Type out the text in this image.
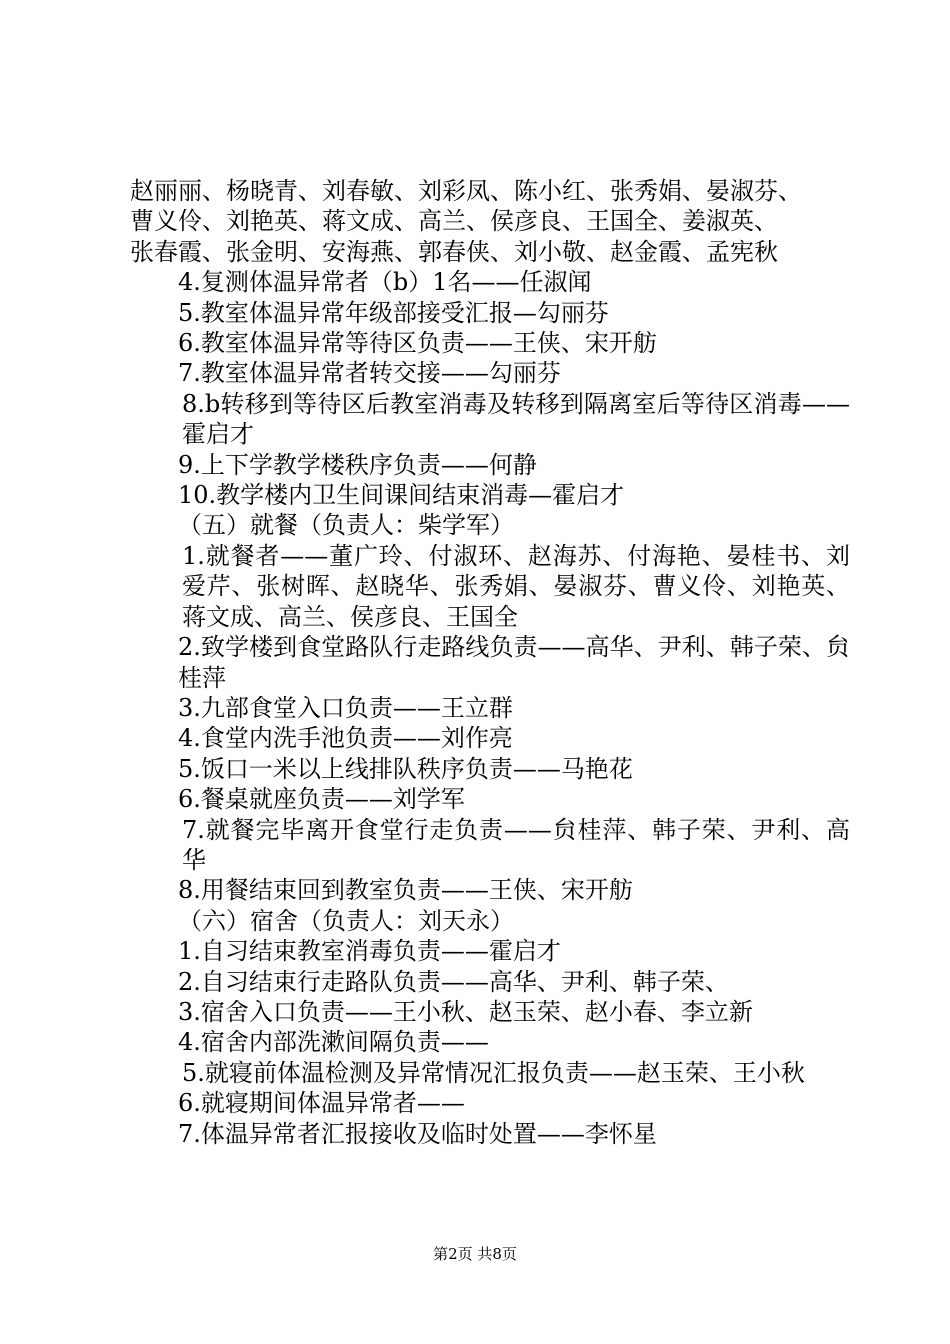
赵丽丽、杨晓青、刘春敏、刘彩凤、陈小红、张秀娟、晏淑芬、

曹义伶、刘艳英、蒋文成、高兰、侯彦良、王国全、姜淑英、

张春霞、张金明、安海燕、郭春侠、刘小敬、赵金霞、孟宪秋

4.复测体温异常者（b）1名——任淑闻

5.教室体温异常年级部接受汇报—勾丽芬

6.教室体温异常等待区负责——王侠、宋开舫

7.教室体温异常者转交接——勾丽芬

8.b转移到等待区后教室消毒及转移到隔离室后等待区消毒——霍启才

9.上下学教学楼秩序负责——何静

10.教学楼内卫生间课间结束消毒—霍启才

（五）就餐（负责人：柴学军）

1.就餐者——董广玲、付淑环、赵海苏、付海艳、晏桂书、刘爱芹、张树晖、赵晓华、张秀娟、晏淑芬、曹义伶、刘艳英、蒋文成、高兰、侯彦良、王国全

2.致学楼到食堂路队行走路线负责——高华、尹利、韩子荣、贠桂萍

3.九部食堂入口负责——王立群

4.食堂内洗手池负责——刘作亮

5.饭口一米以上线排队秩序负责——马艳花

6.餐桌就座负责——刘学军

7.就餐完毕离开食堂行走负责——贠桂萍、韩子荣、尹利、高华

8.用餐结束回到教室负责——王侠、宋开舫

（六）宿舍（负责人：刘天永）

1.自习结束教室消毒负责——霍启才

2.自习结束行走路队负责——高华、尹利、韩子荣、

3.宿舍入口负责——王小秋、赵玉荣、赵小春、李立新

4.宿舍内部洗漱间隔负责——

5.就寝前体温检测及异常情况汇报负责——赵玉荣、王小秋

6.就寝期间体温异常者——

7.体温异常者汇报接收及临时处置——李怀星

第2页 共8页
